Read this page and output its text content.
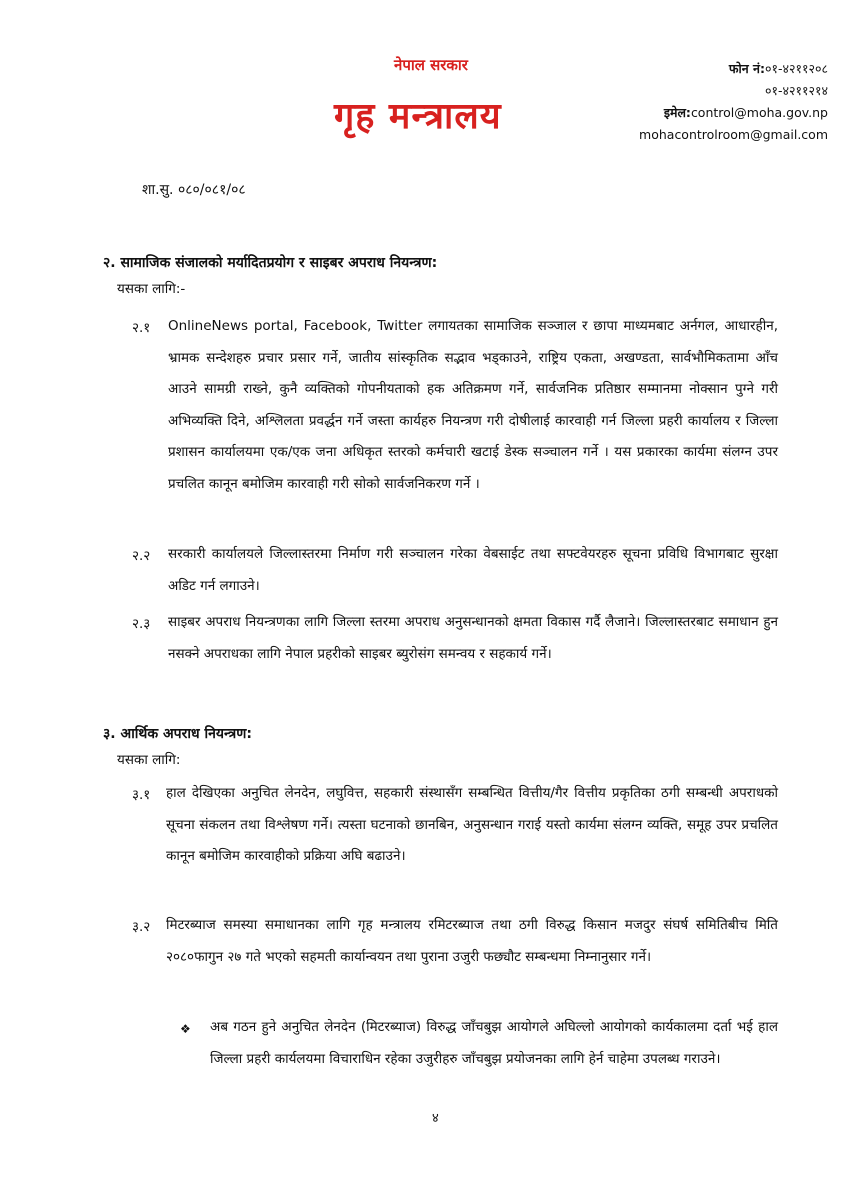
नेपाल सरकार
गृह मन्त्रालय
फोन नं:०१-४२११२०८
०१-४२११२१४
इमेल:control@moha.gov.np
mohacontrolroom@gmail.com
शा.सु. ०८०/०८१/०८
२. सामाजिक संजालको मर्यादितप्रयोग र साइबर अपराध नियन्त्रण:
यसका लागि:-
२.१ OnlineNews portal, Facebook, Twitter लगायतका सामाजिक सञ्जाल र छापा माध्यमबाट अर्नगल, आधारहीन, भ्रामक सन्देशहरु प्रचार प्रसार गर्ने, जातीय सांस्कृतिक सद्भाव भड्काउने, राष्ट्रिय एकता, अखण्डता, सार्वभौमिकतामा आँच आउने सामग्री राख्ने, कुनै व्यक्तिको गोपनीयताको हक अतिक्रमण गर्ने, सार्वजनिक प्रतिष्ठार सम्मानमा नोक्सान पुग्ने गरी अभिव्यक्ति दिने, अश्लिलता प्रवर्द्धन गर्ने जस्ता कार्यहरु नियन्त्रण गरी दोषीलाई कारवाही गर्न जिल्ला प्रहरी कार्यालय र जिल्ला प्रशासन कार्यालयमा एक/एक जना अधिकृत स्तरको कर्मचारी खटाई डेस्क सञ्चालन गर्ने । यस प्रकारका कार्यमा संलग्न उपर प्रचलित कानून बमोजिम कारवाही गरी सोको सार्वजनिकरण गर्ने ।
२.२ सरकारी कार्यालयले जिल्लास्तरमा निर्माण गरी सञ्चालन गरेका वेबसाईट तथा सफ्टवेयरहरु सूचना प्रविधि विभागबाट सुरक्षा अडिट गर्न लगाउने।
२.३ साइबर अपराध नियन्त्रणका लागि जिल्ला स्तरमा अपराध अनुसन्धानको क्षमता विकास गर्दै लैजाने। जिल्लास्तरबाट समाधान हुन नसक्ने अपराधका लागि नेपाल प्रहरीको साइबर ब्युरोसंग समन्वय र सहकार्य गर्ने।
३. आर्थिक अपराध नियन्त्रण:
यसका लागि:
३.१ हाल देखिएका अनुचित लेनदेन, लघुवित्त, सहकारी संस्थासँग सम्बन्धित वित्तीय/गैर वित्तीय प्रकृतिका ठगी सम्बन्धी अपराधको सूचना संकलन तथा विश्लेषण गर्ने। त्यस्ता घटनाको छानबिन, अनुसन्धान गराई यस्तो कार्यमा संलग्न व्यक्ति, समूह उपर प्रचलित कानून बमोजिम कारवाहीको प्रक्रिया अघि बढाउने।
३.२ मिटरब्याज समस्या समाधानका लागि गृह मन्त्रालय रमिटरब्याज तथा ठगी विरुद्ध किसान मजदुर संघर्ष समितिबीच मिति २०८०फागुन २७ गते भएको सहमती कार्यान्वयन तथा पुराना उजुरी फछ्यौट सम्बन्धमा निम्नानुसार गर्ने।
❖ अब गठन हुने अनुचित लेनदेन (मिटरब्याज) विरुद्ध जाँचबुझ आयोगले अघिल्लो आयोगको कार्यकालमा दर्ता भई हाल जिल्ला प्रहरी कार्यलयमा विचाराधिन रहेका उजुरीहरु जाँचबुझ प्रयोजनका लागि हेर्न चाहेमा उपलब्ध गराउने।
४
